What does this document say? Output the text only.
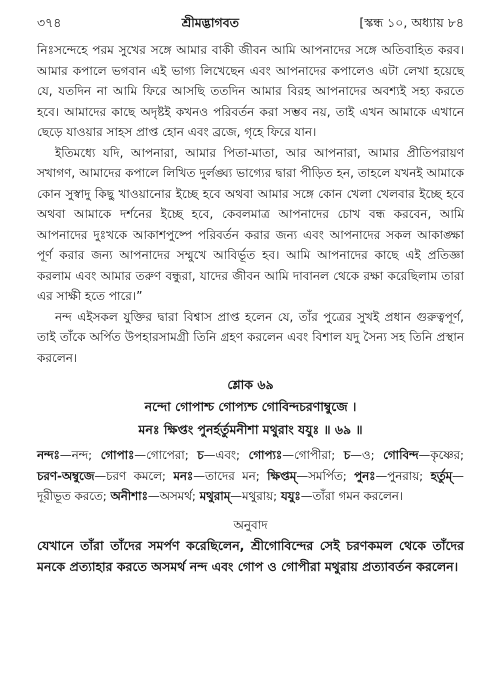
৩৭৪	শ্রীমদ্ভাগবত	[স্কন্ধ ১০, অধ্যায় ৮৪

নিঃসন্দেহে পরম সুখের সঙ্গে আমার বাকী জীবন আমি আপনাদের সঙ্গে অতিবাহিত করব। আমার কপালে ভগবান এই ভাগ্য লিখেছেন এবং আপনাদের কপালেও এটা লেখা হয়েছে যে, যতদিন না আমি ফিরে আসছি ততদিন আমার বিরহ আপনাদের অবশ্যই সহ্য করতে হবে। আমাদের কাছে অদৃষ্টই কখনও পরিবর্তন করা সম্ভব নয়, তাই এখন আমাকে এখানে ছেড়ে যাওয়ার সাহস প্রাপ্ত হোন এবং ব্রজে, গৃহে ফিরে যান।

ইতিমধ্যে যদি, আপনারা, আমার পিতা-মাতা, আর আপনারা, আমার প্রীতিপরায়ণ সখাগণ, আমাদের কপালে লিখিত দুর্লঙ্ঘ্য ভাগ্যের দ্বারা পীড়িত হন, তাহলে যখনই আমাকে কোন সুস্বাদু কিছু খাওয়ানোর ইচ্ছে হবে অথবা আমার সঙ্গে কোন খেলা খেলবার ইচ্ছে হবে অথবা আমাকে দর্শনের ইচ্ছে হবে, কেবলমাত্র আপনাদের চোখ বন্ধ করবেন, আমি আপনাদের দুঃখকে আকাশপুষ্পে পরিবর্তন করার জন্য এবং আপনাদের সকল আকাঙ্ক্ষা পূর্ণ করার জন্য আপনাদের সম্মুখে আবির্ভূত হব। আমি আপনাদের কাছে এই প্রতিজ্ঞা করলাম এবং আমার তরুণ বন্ধুরা, যাদের জীবন আমি দাবানল থেকে রক্ষা করেছিলাম তারা এর সাক্ষী হতে পারে।”

নন্দ এইসকল যুক্তির দ্বারা বিশ্বাস প্রাপ্ত হলেন যে, তাঁর পুত্রের সুখই প্রধান গুরুত্বপূর্ণ, তাই তাঁকে অর্পিত উপহারসামগ্রী তিনি গ্রহণ করলেন এবং বিশাল যদু সৈন্য সহ তিনি প্রস্থান করলেন।

শ্লোক ৬৯
নন্দো গোপাশ্চ গোপ্যশ্চ গোবিন্দচরণাম্বুজে ।
মনঃ ক্ষিপ্তং পুনর্হর্তুমনীশা মথুরাং যযুঃ ॥ ৬৯ ॥

নন্দঃ—নন্দ; গোপাঃ—গোপেরা; চ—এবং; গোপ্যঃ—গোপীরা; চ—ও; গোবিন্দ—কৃষ্ণের; চরণ-অম্বুজে—চরণ কমলে; মনঃ—তাদের মন; ক্ষিপ্তম্—সমর্পিত; পুনঃ—পুনরায়; হর্তুম্—দূরীভূত করতে; অনীশাঃ—অসমর্থ; মথুরাম্—মথুরায়; যযুঃ—তাঁরা গমন করলেন।

অনুবাদ

যেখানে তাঁরা তাঁদের সমর্পণ করেছিলেন, শ্রীগোবিন্দের সেই চরণকমল থেকে তাঁদের মনকে প্রত্যাহার করতে অসমর্থ নন্দ এবং গোপ ও গোপীরা মথুরায় প্রত্যাবর্তন করলেন।
